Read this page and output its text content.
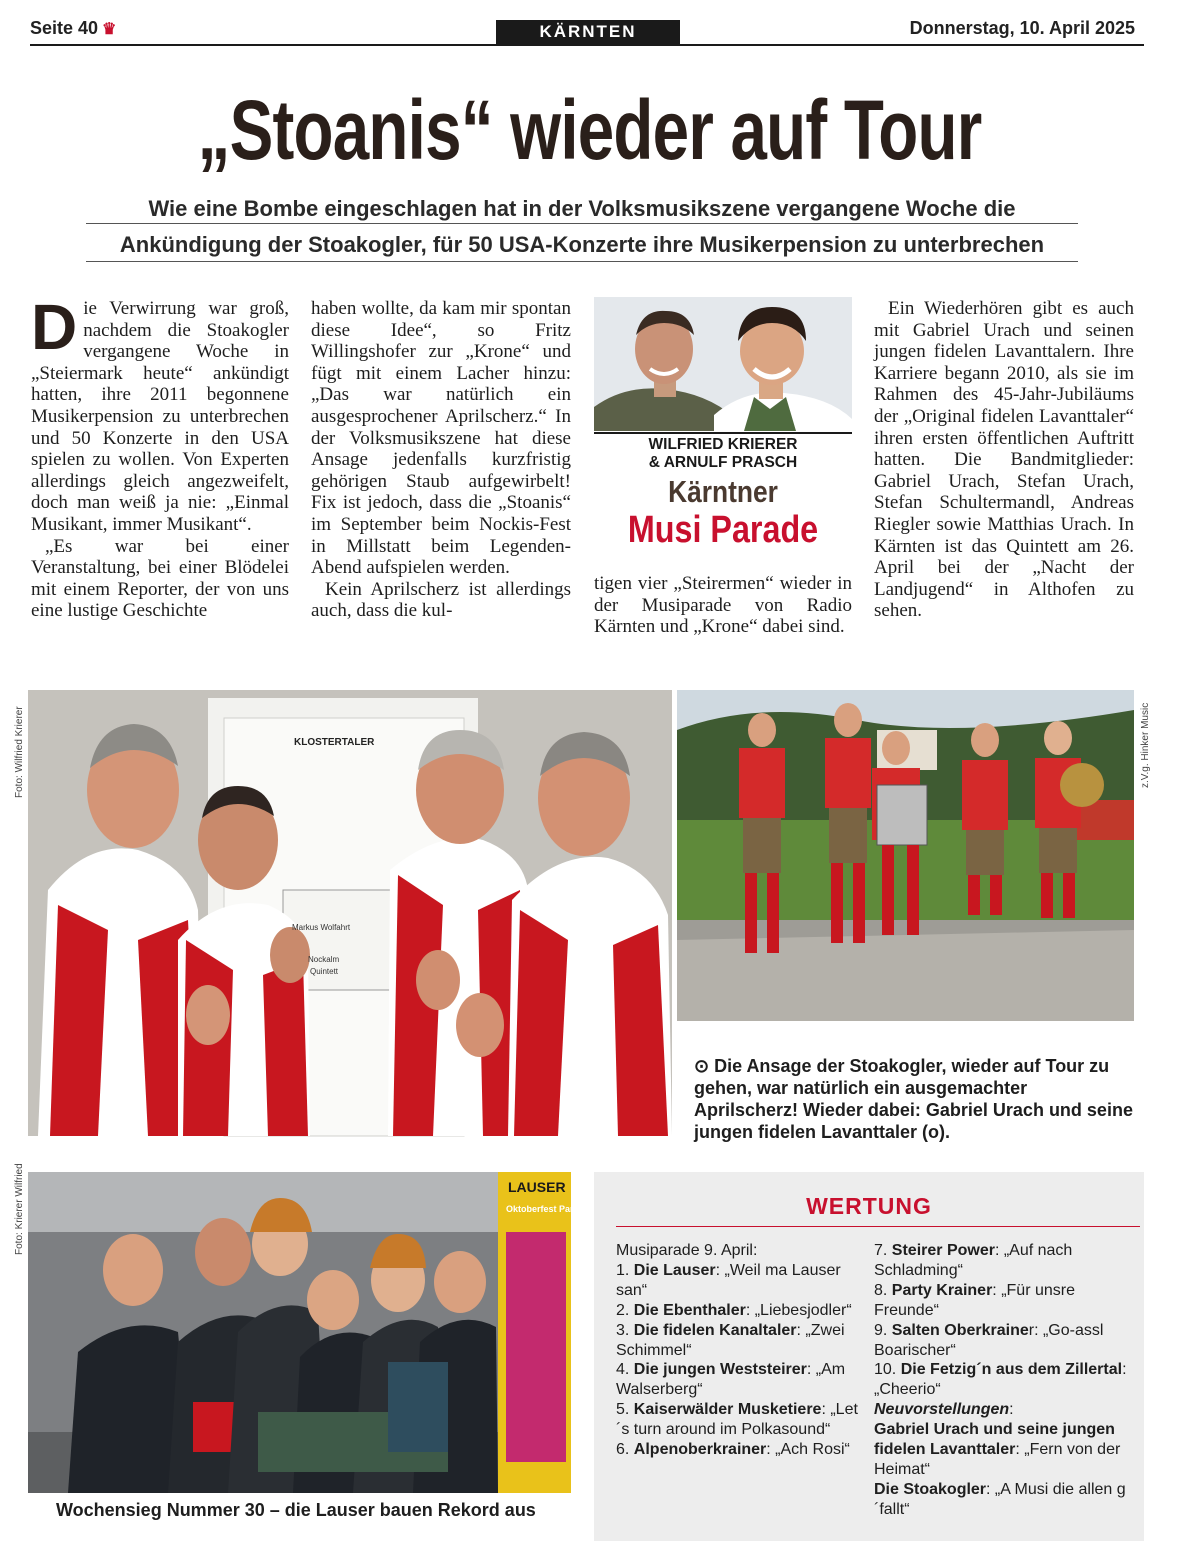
Seite 40 ♛	KÄRNTEN	Donnerstag, 10. April 2025
„Stoanis“ wieder auf Tour
Wie eine Bombe eingeschlagen hat in der Volksmusikszene vergangene Woche die
Ankündigung der Stoakogler, für 50 USA-Konzerte ihre Musikerpension zu unterbrechen
D ie Verwirrung war groß, nachdem die Stoakogler vergangene Woche in „Steiermark heute“ ankündigt hatten, ihre 2011 begonnene Musikerpension zu unterbrechen und 50 Konzerte in den USA spielen zu wollen. Von Experten allerdings gleich angezweifelt, doch man weiß ja nie: „Einmal Musikant, immer Musikant“.

„Es war bei einer Veranstaltung, bei einer Blödelei mit einem Reporter, der von uns eine lustige Geschichte

haben wollte, da kam mir spontan diese Idee“, so Fritz Willingshofer zur „Krone“ und fügt mit einem Lacher hinzu: „Das war natürlich ein ausgesprochener Aprilscherz.“ In der Volksmusikszene hat diese Ansage jedenfalls kurzfristig gehörigen Staub aufgewirbelt! Fix ist jedoch, dass die „Stoanis“ im September beim Nockis-Fest in Millstatt beim Legenden-Abend aufspielen werden.

Kein Aprilscherz ist allerdings auch, dass die kul-

WILFRIED KRIERER
& ARNULF PRASCH
Kärntner
Musi Parade

tigen vier „Steirermen“ wieder in der Musiparade von Radio Kärnten und „Krone“ dabei sind.

Ein Wiederhören gibt es auch mit Gabriel Urach und seinen jungen fidelen Lavanttalern. Ihre Karriere begann 2010, als sie im Rahmen des 45-Jahr-Jubiläums der „Original fidelen Lavanttaler“ ihren ersten öffentlichen Auftritt hatten. Die Bandmitglieder: Gabriel Urach, Stefan Urach, Stefan Schultermandl, Andreas Riegler sowie Matthias Urach. In Kärnten ist das Quintett am 26. April bei der „Nacht der Landjugend“ in Althofen zu sehen.

Foto: Wilfried Krierer	KLOSTERTALER
Markus Wolfahrt
Nockalm
Quintett
z.V.g. Hinker Music
⊙ Die Ansage der Stoakogler, wieder auf Tour zu gehen, war natürlich ein ausgemachter Aprilscherz! Wieder dabei: Gabriel Urach und seine jungen fidelen Lavanttaler (o).
Foto: Krierer Wilfried	LAUSER
Oktoberfest Party
Wochensieg Nummer 30 – die Lauser bauen Rekord aus
WERTUNG

Musiparade 9. April:

1. Die Lauser: „Weil ma Lauser san“

2. Die Ebenthaler: „Liebesjodler“

3. Die fidelen Kanaltaler: „Zwei Schimmel“

4. Die jungen Weststeirer: „Am Walserberg“

5. Kaiserwälder Musketiere: „Let´s turn around im Polkasound“

6. Alpenoberkrainer: „Ach Rosi“

7. Steirer Power: „Auf nach Schladming“

8. Party Krainer: „Für unsre Freunde“

9. Salten Oberkrainer: „Go-assl Boarischer“

10. Die Fetzig´n aus dem Zillertal: „Cheerio“

Neuvorstellungen:

Gabriel Urach und seine jungen fidelen Lavanttaler: „Fern von der Heimat“

Die Stoakogler: „A Musi die allen g´fallt“
